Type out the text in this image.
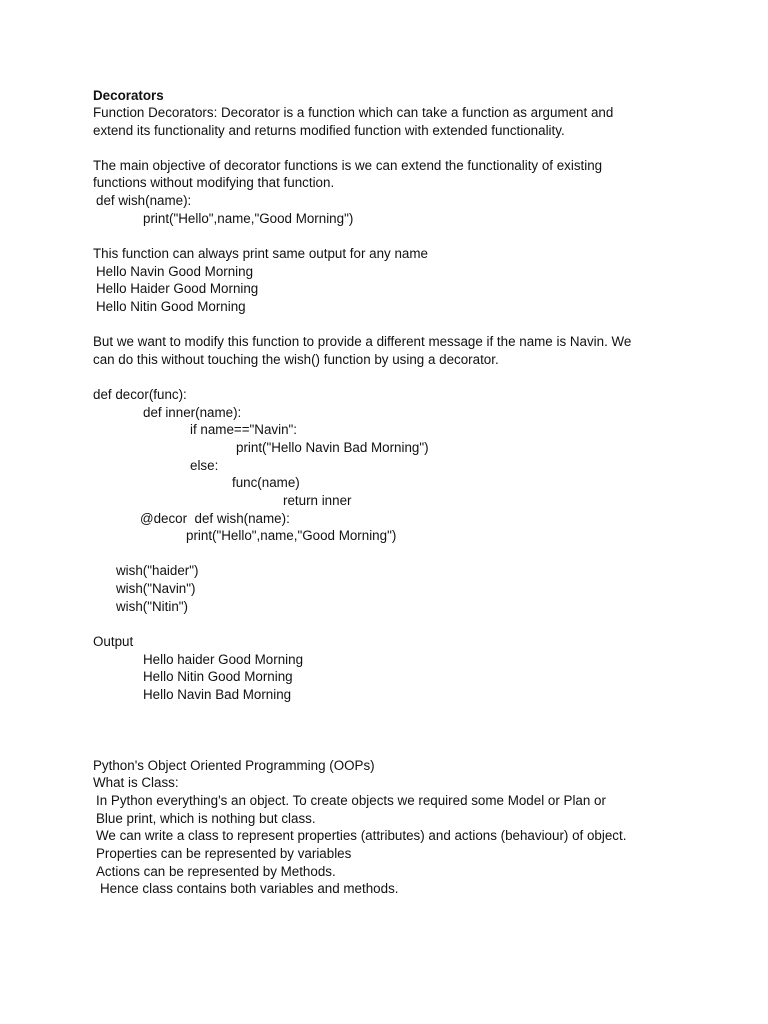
Decorators
Function Decorators: Decorator is a function which can take a function as argument and
extend its functionality and returns modified function with extended functionality.
The main objective of decorator functions is we can extend the functionality of existing
functions without modifying that function.
def wish(name):
print("Hello",name,"Good Morning")
This function can always print same output for any name
Hello Navin Good Morning
Hello Haider Good Morning
Hello Nitin Good Morning
But we want to modify this function to provide a different message if the name is Navin. We
can do this without touching the wish() function by using a decorator.
def decor(func):
def inner(name):
if name=="Navin":
print("Hello Navin Bad Morning")
else:
func(name)
return inner
@decor  def wish(name):
print("Hello",name,"Good Morning")
wish("haider")
wish("Navin")
wish("Nitin")
Output
Hello haider Good Morning
Hello Nitin Good Morning
Hello Navin Bad Morning
Python's Object Oriented Programming (OOPs)
What is Class:
In Python everything's an object. To create objects we required some Model or Plan or
Blue print, which is nothing but class.
We can write a class to represent properties (attributes) and actions (behaviour) of object.
Properties can be represented by variables
Actions can be represented by Methods.
Hence class contains both variables and methods.
